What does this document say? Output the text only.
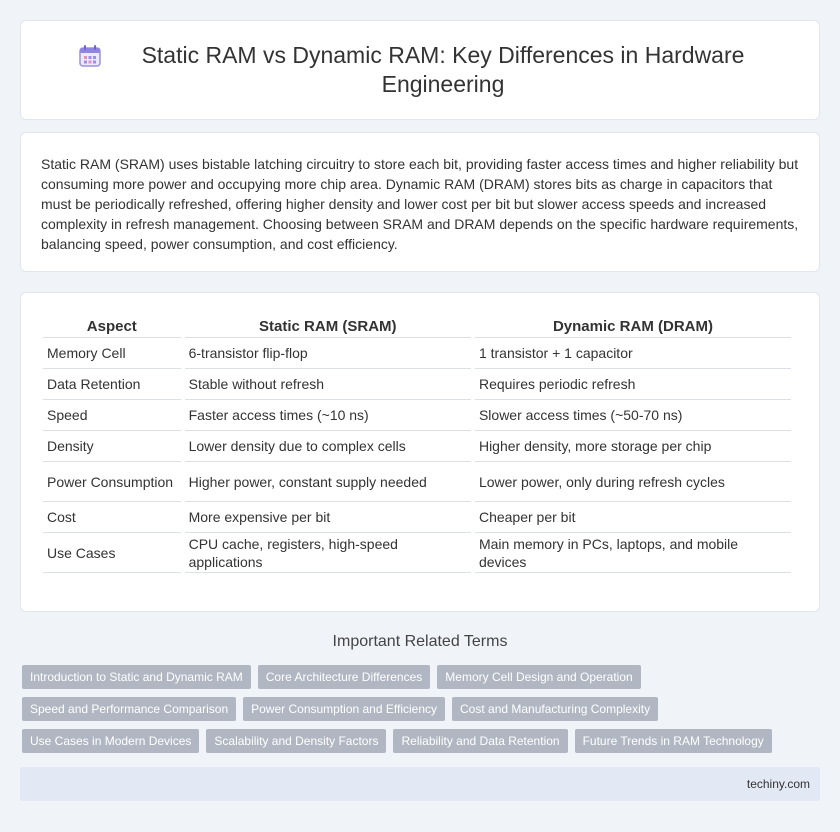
Static RAM vs Dynamic RAM: Key Differences in Hardware Engineering

Static RAM (SRAM) uses bistable latching circuitry to store each bit, providing faster access times and higher reliability but consuming more power and occupying more chip area. Dynamic RAM (DRAM) stores bits as charge in capacitors that must be periodically refreshed, offering higher density and lower cost per bit but slower access speeds and increased complexity in refresh management. Choosing between SRAM and DRAM depends on the specific hardware requirements, balancing speed, power consumption, and cost efficiency.

Aspect	Static RAM (SRAM)	Dynamic RAM (DRAM)
Memory Cell	6-transistor flip-flop	1 transistor + 1 capacitor
Data Retention	Stable without refresh	Requires periodic refresh
Speed	Faster access times (~10 ns)	Slower access times (~50-70 ns)
Density	Lower density due to complex cells	Higher density, more storage per chip
Power Consumption	Higher power, constant supply needed	Lower power, only during refresh cycles
Cost	More expensive per bit	Cheaper per bit
Use Cases	CPU cache, registers, high-speed applications	Main memory in PCs, laptops, and mobile devices
Important Related Terms
Introduction to Static and Dynamic RAM	Core Architecture Differences	Memory Cell Design and Operation
Speed and Performance Comparison	Power Consumption and Efficiency	Cost and Manufacturing Complexity
Use Cases in Modern Devices	Scalability and Density Factors	Reliability and Data Retention	Future Trends in RAM Technology
techiny.com
